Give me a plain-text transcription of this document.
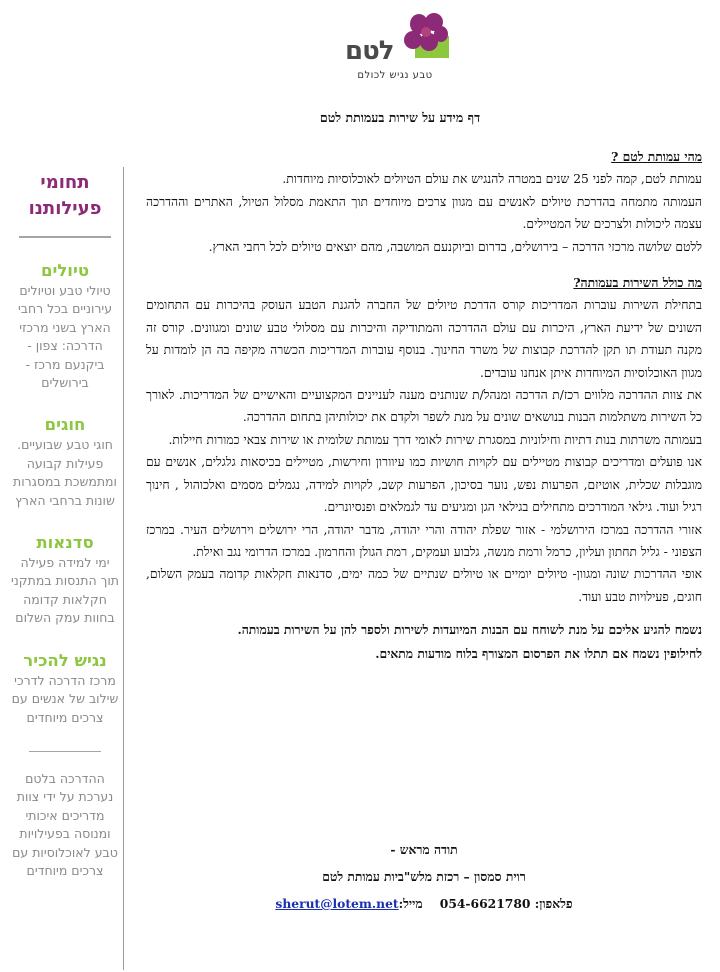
לטם
טבע נגיש לכולם
דף מידע על שירות בעמותת לטם

מהי עמותת לטם ?

עמותת לטם, קמה לפני 25 שנים במטרה להנגיש את עולם הטיולים לאוכלוסיות מיוחדות.

העמותה מתמחה בהדרכת טיולים לאנשים עם מגוון צרכים מיוחדים תוך התאמת מסלול הטיול, האתרים וההדרכה עצמה ליכולות ולצרכים של המטיילים.

ללטם שלושה מרכזי הדרכה – בירושלים, בדרום וביוקנעם המושבה, מהם יוצאים טיולים לכל רחבי הארץ.

מה כולל השירות בעמותה?

בתחילת השירות עוברות המדריכות קורס הדרכת טיולים של החברה להגנת הטבע העוסק בהיכרות עם התחומים השונים של ידיעת הארץ, היכרות עם עולם ההדרכה והמתודיקה והיכרות עם מסלולי טבע שונים ומגוונים. קורס זה מקנה תעודת תו תקן להדרכת קבוצות של משרד החינוך. בנוסף עוברות המדריכות הכשרה מקיפה בה הן לומדות על מגוון האוכלוסיות המיוחדות איתן אנחנו עובדים.

את צוות ההדרכה מלווים רכז/ת הדרכה ומנהל/ת שנותנים מענה לעניינים המקצועיים והאישיים של המדריכות. לאורך כל השירות משתלמות הבנות בנושאים שונים על מנת לשפר ולקדם את יכולותיהן בתחום ההדרכה.

בעמותה משרתות בנות דתיות וחילוניות במסגרת שירות לאומי דרך עמותת שלומית או שירות צבאי כמורות חיילות.

אנו פועלים ומדריכים קבוצות מטיילים עם לקויות חושיות כמו עיוורון וחירשות, מטיילים בכיסאות גלגלים, אנשים עם מוגבלות שכלית, אוטיזם, הפרעות נפש, נוער בסיכון, הפרעות קשב, לקויות למידה, נגמלים מסמים ואלכוהול , חינוך רגיל ועוד. גילאי המודרכים מתחילים בגילאי הגן ומגיעים עד לגמלאים ופנסיונרים.

אזורי ההדרכה במרכז הירושלמי - אזור שפלת יהודה והרי יהודה, מדבר יהודה, הרי ירושלים וירושלים העיר. במרכז הצפוני - גליל תחתון ועליון, כרמל ורמת מנשה, גלבוע ועמקים, רמת הגולן והחרמון. במרכז הדרומי נגב ואילת.

אופי ההדרכות שונה ומגוון- טיולים יומיים או טיולים שנתיים של כמה ימים, סדנאות חקלאות קדומה בעמק השלום, חוגים, פעילויות טבע ועוד.

נשמח להגיע אליכם על מנת לשוחח עם הבנות המיועדות לשירות ולספר להן על השירות בעמותה.

לחילופין נשמח אם תתלו את הפרסום המצורף בלוח מודעות מתאים.

תודה מראש -
רוית סמסון – רכזת מלש"ביות עמותת לטם
פלאפון: 054-6621780    מייל:sherut@lotem.net
תחומי פעילותנו
טיולים
טיולי טבע וטיולים עירוניים בכל רחבי הארץ בשני מרכזי הדרכה: צפון - ביקנעם מרכז - בירושלים
חוגים
חוגי טבע שבועיים. פעילות קבועה ומתמשכת במסגרות שונות ברחבי הארץ
סדנאות
ימי למידה פעילה תוך התנסות במתקני חקלאות קדומה בחוות עמק השלום
נגיש להכיר
מרכז הדרכה לדרכי שילוב של אנשים עם צרכים מיוחדים
ההדרכה בלטם נערכת על ידי צוות מדריכים איכותי ומנוסה בפעילויות טבע לאוכלוסיות עם צרכים מיוחדים
